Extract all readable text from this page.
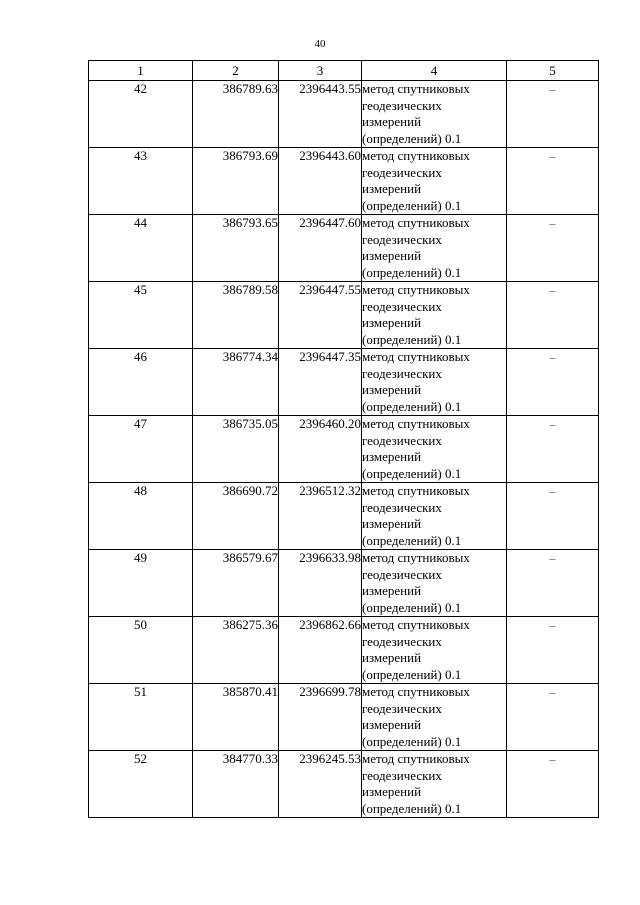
40
1	2	3	4	5
42	386789.63	2396443.55	метод спутниковых
геодезических
измерений
(определений) 0.1	–
43	386793.69	2396443.60	метод спутниковых
геодезических
измерений
(определений) 0.1	–
44	386793.65	2396447.60	метод спутниковых
геодезических
измерений
(определений) 0.1	–
45	386789.58	2396447.55	метод спутниковых
геодезических
измерений
(определений) 0.1	–
46	386774.34	2396447.35	метод спутниковых
геодезических
измерений
(определений) 0.1	–
47	386735.05	2396460.20	метод спутниковых
геодезических
измерений
(определений) 0.1	–
48	386690.72	2396512.32	метод спутниковых
геодезических
измерений
(определений) 0.1	–
49	386579.67	2396633.98	метод спутниковых
геодезических
измерений
(определений) 0.1	–
50	386275.36	2396862.66	метод спутниковых
геодезических
измерений
(определений) 0.1	–
51	385870.41	2396699.78	метод спутниковых
геодезических
измерений
(определений) 0.1	–
52	384770.33	2396245.53	метод спутниковых
геодезических
измерений
(определений) 0.1	–
